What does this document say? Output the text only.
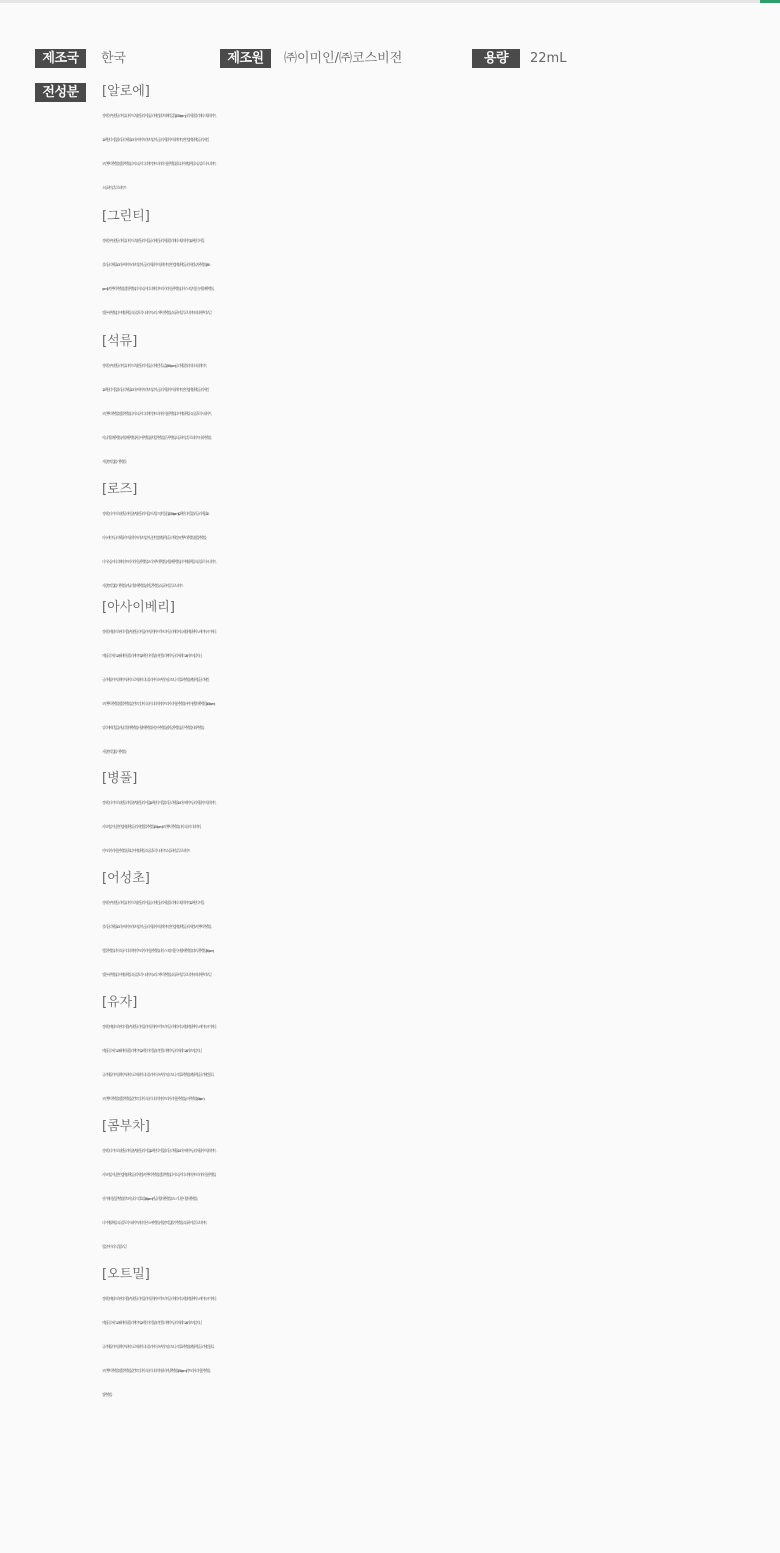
제조국	한국	제조원	㈜이미인/㈜코스비전	용량	22mL
전성분	[알로에]
정제수, 부틸렌글라이콜, 다이프로필렌글라이콜, 글리세린, 알로에베라잎즙(7,000 ppm), 글리세릴폴리메타크릴레이트,
1,2-헥산다이올, 폴리글리세릴-10라우레이트, 카보머, 알지닌, 글리세릴카프릴레이트, 잔탄검, 에틸헥실글리세린,
모란뿌리추출물, 병풀추출물, 다이소듐이디티에이, 마트리카리아꽃추출물, 향료, 다이에틸헥실소듐설포석시네이트,
소듐하이알루로네이트
[그린티]
정제수, 부틸렌글라이콜, 다이프로필렌글라이콜, 글리세린, 글리세릴폴리메타크릴레이트, 1,2-헥산다이올,
폴리글리세릴-10라우레이트, 카보머, 알지닌, 글리세릴카프릴레이트, 잔탄검, 에틸헥실글리세린, 녹차추출물(350
ppm), 모란뿌리추출물, 병풀추출물, 다이소듐이디티에이, 마트리카리아꽃추출물, 다마스크장미꽃수, 서양배추출물,
멜론씨추출물, 다이에틸헥실소듐설포석시네이트, 오리스뿌리추출물, 소듐하이알루로네이트, 베티버뿌리오일
[석류]
정제수, 부틸렌글라이콜, 다이프로필렌글라이콜, 글리세린, 석류즙(7,000 ppm), 글리세릴폴리메타크릴레이트,
1,2-헥산다이올, 폴리글리세릴-10라우레이트, 카보머, 알지닌, 글리세릴카프릴레이트, 잔탄검, 에틸헥실글리세린,
모란뿌리추출물, 병풀추출물, 다이소듐이디티에이, 마트리카리아꽃추출물, 다이에틸헥실소듐설포석시네이트,
바닐라열매추출물, 서양배추출물, 복숭아추출물, 첨차잎추출물, 살구추출물, 소듐하이알루로네이트, 사과추출물,
서양송악잎/줄기추출물
[로즈]
정제수, 다이프로필렌글라이콜, 부틸렌글라이콜, 프로방스장미꽃즙(7,000 ppm), 1,2-헥산다이올, 폴리글리세릴-10
라우레이트, 글리세릴카프릴레이트, 카보머, 알지닌, 잔탄검, 에틸헥실글리세린, 모란뿌리추출물, 병풀추출물,
다이소듐이디티에이, 마트리카리아꽃추출물, 오리스뿌리추출물, 서양배추출물, 다이에틸헥실소듐설포석시네이트,
서양송악잎/줄기추출물, 바닐라열매추출물, 첨차잎추출물, 소듐하이알루로네이트
[아사이베리]
정제수, 메틸프로판다이올, 부틸렌글라이콜, 카프릴릭/카프릭트라이글리세라이드, 세틸에틸헥사노에이트, 시어버터,
메틸글루세스-20, 세테아릴올리베이트, 1,2-헥산다이올, 솔비탄올리베이트, 글리세레스-26, 카보머, 알지닌,
글리세릴카프릴레이트, 하이드로제네이티드폴리아이소부텐, 스핑고모나스발효추출물, 에틸헥실글리세린,
모란뿌리추출물, 병풀추출물, 알란토인, 다이소듐이디티에이, 마트리카리아꽃추출물, 아사이팜열매추출물(100 ppm),
알로에베라잎즙, 바닐라열매추출물, 서양배추출물, 복숭아추출물, 첨차잎추출물, 살구추출물, 사과추출물,
서양송악잎/줄기추출물
[병풀]
정제수, 다이프로필렌글라이콜, 부틸렌글라이콜, 1,2-헥산다이올, 폴리글리세릴-10라우레이트, 글리세릴카프릴레이트,
카보머, 알지닌, 잔탄검, 에틸헥실글리세린, 병풀추출물(254 ppm), 모란뿌리추출물, 다이소듐이디티에이,
마트리카리아꽃추출물, 향료, 다이에틸헥실소듐설포석시네이트, 소듐하이알루로네이트
[어성초]
정제수, 부틸렌글라이콜, 다이프로필렌글라이콜, 글리세린, 글리세릴폴리메타크릴레이트, 1,2-헥산다이올,
폴리글리세릴-10라우레이트, 카보머, 알지닌, 글리세릴카프릴레이트, 잔탄검, 에틸헥실글리세린, 모란뿌리추출물,
병풀추출물, 다이소듐이디티에이, 마트리카리아꽃추출물, 다마스크장미꽃수, 서양배추출물, 약모밀추출물(50 ppm),
멜론씨추출물, 다이에틸헥실소듐설포석시네이트, 오리스뿌리추출물, 소듐하이알루로네이트, 베티버뿌리오일
[유자]
정제수, 메틸프로판다이올, 부틸렌글라이콜, 카프릴릭/카프릭트라이글리세라이드, 세틸에틸헥사노에이트, 시어버터,
메틸글루세스-20, 세테아릴올리베이트, 1,2-헥산다이올, 솔비탄올리베이트, 글리세레스-26, 카보머, 알지닌,
글리세릴카프릴레이트, 하이드로제네이티드폴리아이소부텐, 스핑고모나스발효추출물, 에틸헥실글리세린, 향료,
모란뿌리추출물, 병풀추출물, 알란토인, 다이소듐이디티에이, 마트리카리아꽃추출물, 유자추출물(50 ppm)
[콤부차]
정제수, 다이프로필렌글라이콜, 부틸렌글라이콜, 1,2-헥산다이올, 폴리글리세릴-10라우레이트, 글리세릴카프릴레이트,
카보머, 알지닌, 잔탄검, 에틸헥실글리세린, 모란뿌리추출물, 병풀추출물, 다이소듐이디티에이, 마트리카리아꽃추출물,
향기제비꽃잎추출물, 락토바실러스발효물(50 ppm), 바닐라열매추출물, 모노기나산사열매추출물,
다이에틸헥실소듐설포석시네이트, 비터아몬드씨추출물, 서양송악잎/줄기추출물, 소듐하이알루로네이트,
발삼아미리스껍질오일
[오트밀]
정제수, 메틸프로판다이올, 부틸렌글라이콜, 카프릴릭/카프릭트라이글리세라이드, 세틸에틸헥사노에이트, 시어버터,
메틸글루세스-20, 세테아릴올리베이트, 1,2-헥산다이올, 솔비탄올리베이트, 글리세레스-26, 카보머, 알지닌,
글리세릴카프릴레이트, 하이드로제네이티드폴리아이소부텐,스핑고모나스발효추출물, 에틸헥실글리세린, 향료,
모란뿌리추출물, 병풀추출물, 알란토인, 다이소듐이디티에이, 귀리커넬추출물(150 ppm), 마트리카리아꽃추출물,
쌀추출물
